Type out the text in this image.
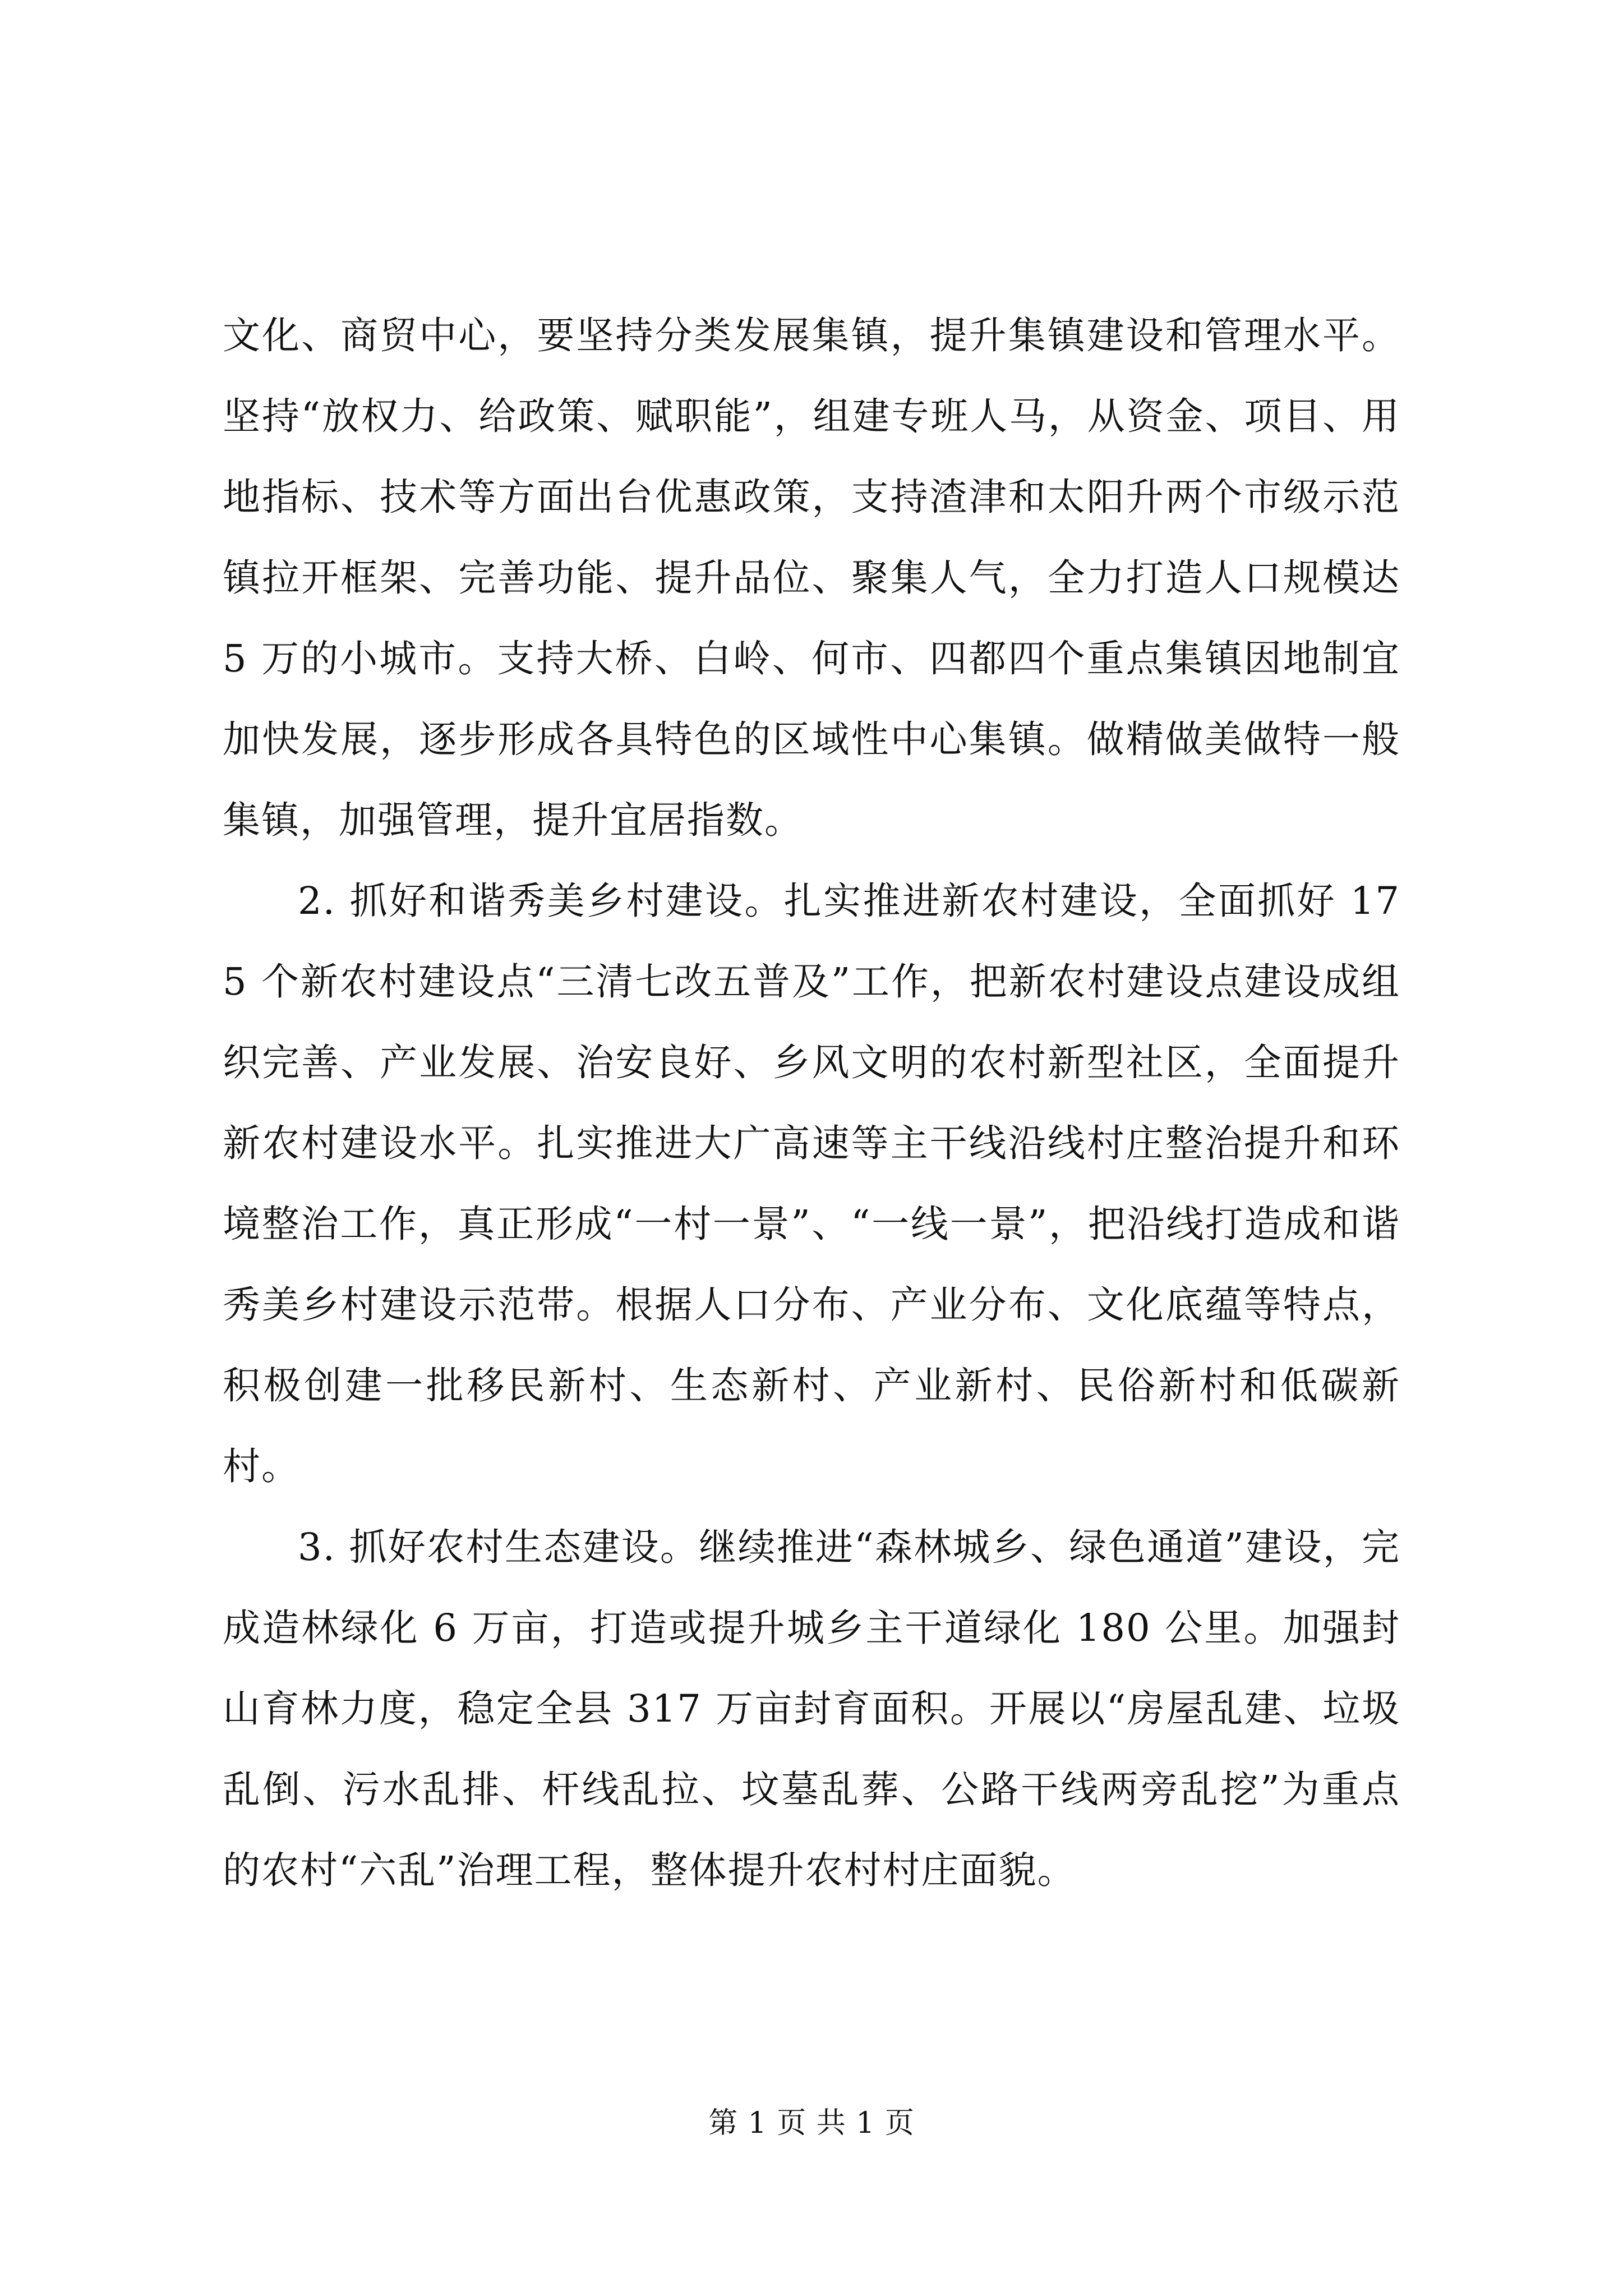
文化、商贸中心，要坚持分类发展集镇，提升集镇建设和管理水平。坚持“放权力、给政策、赋职能”，组建专班人马，从资金、项目、用地指标、技术等方面出台优惠政策，支持渣津和太阳升两个市级示范镇拉开框架、完善功能、提升品位、聚集人气，全力打造人口规模达 5 万的小城市。支持大桥、白岭、何市、四都四个重点集镇因地制宜加快发展，逐步形成各具特色的区域性中心集镇。做精做美做特一般集镇，加强管理，提升宜居指数。

2. 抓好和谐秀美乡村建设。扎实推进新农村建设，全面抓好 175 个新农村建设点“三清七改五普及”工作，把新农村建设点建设成组织完善、产业发展、治安良好、乡风文明的农村新型社区，全面提升新农村建设水平。扎实推进大广高速等主干线沿线村庄整治提升和环境整治工作，真正形成“一村一景”、“一线一景”，把沿线打造成和谐秀美乡村建设示范带。根据人口分布、产业分布、文化底蕴等特点，积极创建一批移民新村、生态新村、产业新村、民俗新村和低碳新村。

3. 抓好农村生态建设。继续推进“森林城乡、绿色通道”建设，完成造林绿化 6 万亩，打造或提升城乡主干道绿化 180 公里。加强封山育林力度，稳定全县 317 万亩封育面积。开展以“房屋乱建、垃圾乱倒、污水乱排、杆线乱拉、坟墓乱葬、公路干线两旁乱挖”为重点的农村“六乱”治理工程，整体提升农村村庄面貌。

第 1 页 共 1 页
